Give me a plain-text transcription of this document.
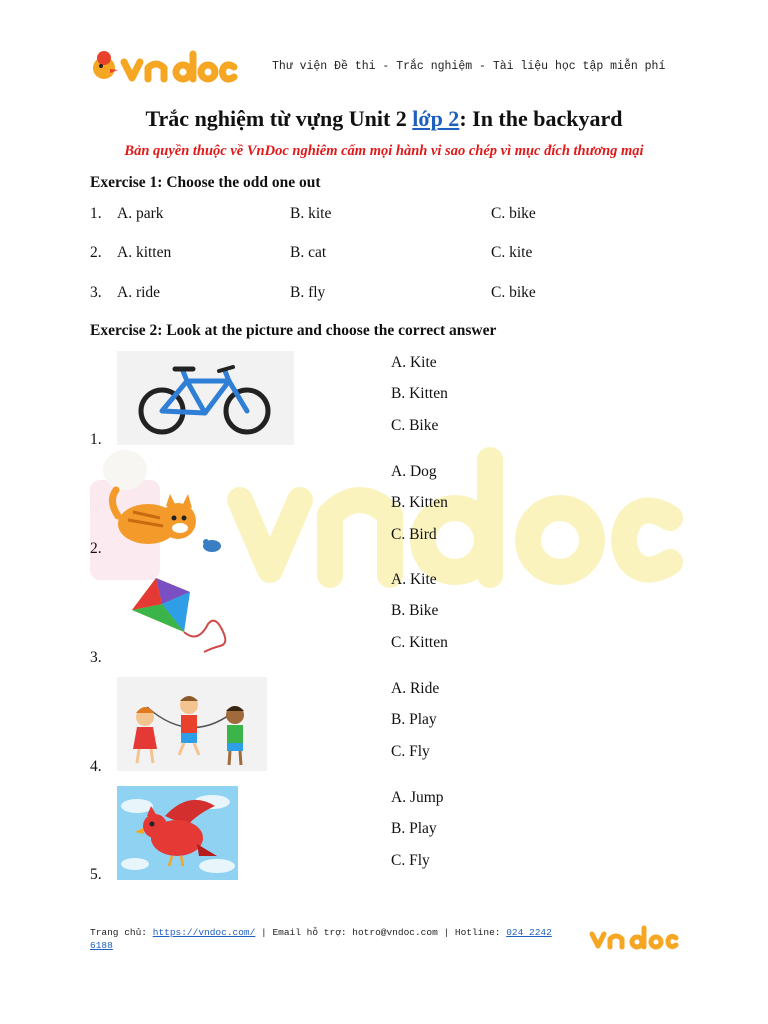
Thư viện Đề thi - Trắc nghiệm - Tài liệu học tập miễn phí
Trắc nghiệm từ vựng Unit 2 lớp 2: In the backyard
Bản quyền thuộc về VnDoc nghiêm cấm mọi hành vi sao chép vì mục đích thương mại
Exercise 1: Choose the odd one out
1. A. park	B. kite	C. bike
2. A. kitten	B. cat	C. kite
3. A. ride	B. fly	C. bike
Exercise 2: Look at the picture and choose the correct answer
1.
A. Kite
B. Kitten
C. Bike
2.
A. Dog
B. Kitten
C. Bird
3.
A. Kite
B. Bike
C. Kitten
4.
A. Ride
B. Play
C. Fly
5.
A. Jump
B. Play
C. Fly
Trang chủ: https://vndoc.com/ | Email hỗ trợ: hotro@vndoc.com | Hotline: 024 2242 6188
